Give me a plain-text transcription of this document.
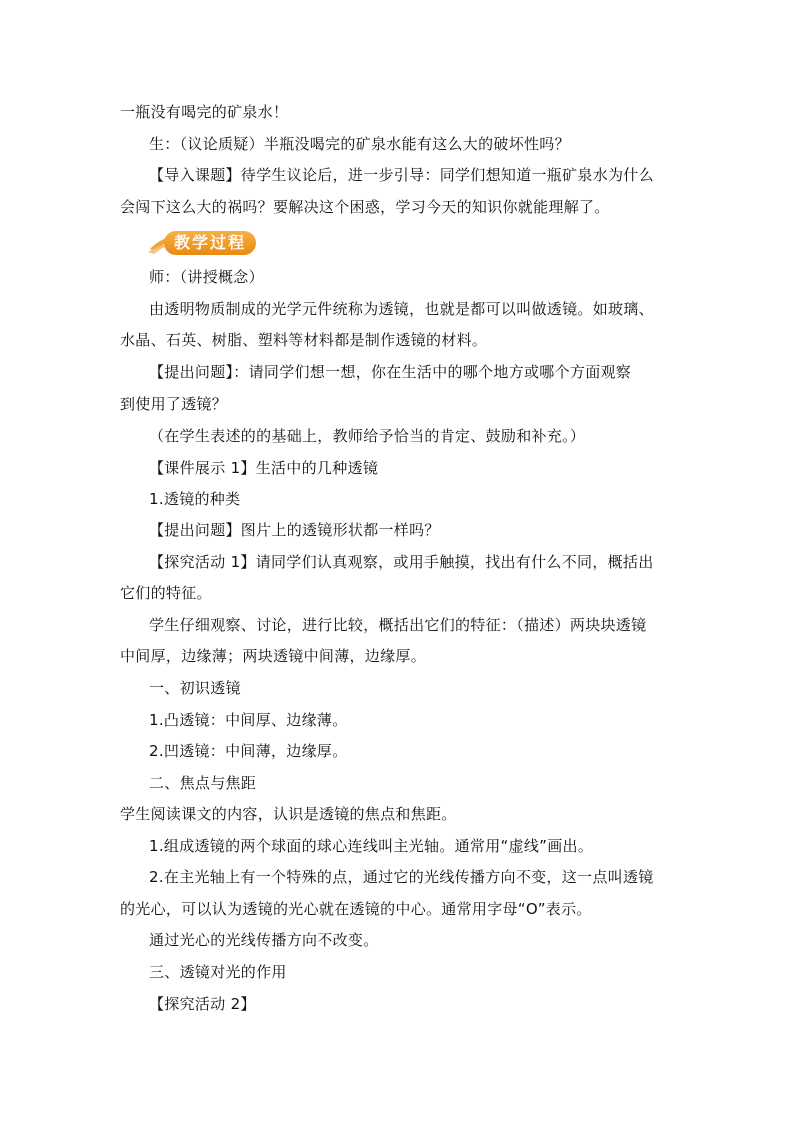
一瓶没有喝完的矿泉水！
生：（议论质疑）半瓶没喝完的矿泉水能有这么大的破坏性吗？
【导入课题】待学生议论后，进一步引导：同学们想知道一瓶矿泉水为什么
会闯下这么大的祸吗？要解决这个困惑，学习今天的知识你就能理解了。
教学过程
师：（讲授概念）
由透明物质制成的光学元件统称为透镜，也就是都可以叫做透镜。如玻璃、
水晶、石英、树脂、塑料等材料都是制作透镜的材料。
【提出问题】：请同学们想一想，你在生活中的哪个地方或哪个方面观察
到使用了透镜？
（在学生表述的的基础上，教师给予恰当的肯定、鼓励和补充。）
【课件展示 1】生活中的几种透镜
1.透镜的种类
【提出问题】图片上的透镜形状都一样吗？
【探究活动 1】请同学们认真观察，或用手触摸，找出有什么不同，概括出
它们的特征。
学生仔细观察、讨论，进行比较，概括出它们的特征：（描述）两块块透镜
中间厚，边缘薄；两块透镜中间薄，边缘厚。
一、初识透镜
1.凸透镜：中间厚、边缘薄。
2.凹透镜：中间薄，边缘厚。
二、焦点与焦距
学生阅读课文的内容，认识是透镜的焦点和焦距。
1.组成透镜的两个球面的球心连线叫主光轴。通常用“虚线”画出。
2.在主光轴上有一个特殊的点，通过它的光线传播方向不变，这一点叫透镜
的光心，可以认为透镜的光心就在透镜的中心。通常用字母“O”表示。
通过光心的光线传播方向不改变。
三、透镜对光的作用
【探究活动 2】
